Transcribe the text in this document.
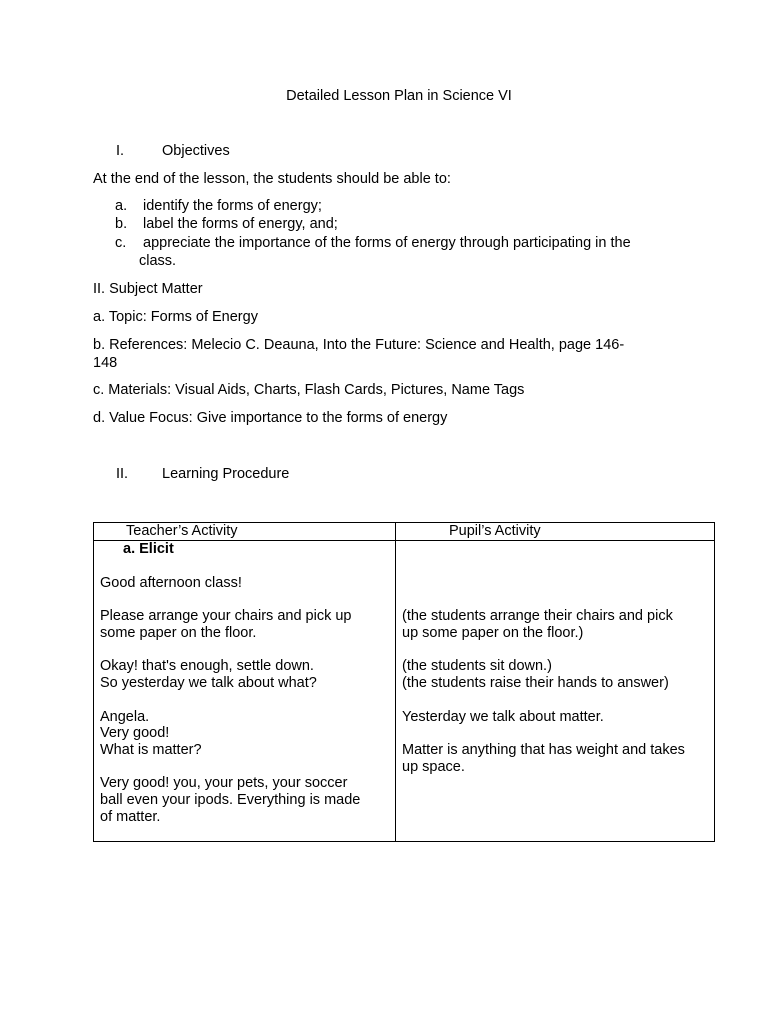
Detailed Lesson Plan in Science VI
I.	Objectives
At the end of the lesson, the students should be able to:
a. identify the forms of energy;
b. label the forms of energy, and;
c. appreciate the importance of the forms of energy through participating in the
class.
II. Subject Matter
a. Topic: Forms of Energy
b. References: Melecio C. Deauna, Into the Future: Science and Health, page 146-
148
c. Materials: Visual Aids, Charts, Flash Cards, Pictures, Name Tags
d. Value Focus: Give importance to the forms of energy
II. Learning Procedure
Teacher’s Activity	Pupil’s Activity
a. Elicit
Good afternoon class!
Please arrange your chairs and pick up
some paper on the floor.
Okay! that's enough, settle down.
So yesterday we talk about what?
Angela.
Very good!
What is matter?
Very good! you, your pets, your soccer
ball even your ipods. Everything is made
of matter.
(the students arrange their chairs and pick
up some paper on the floor.)
(the students sit down.)
(the students raise their hands to answer)
Yesterday we talk about matter.
Matter is anything that has weight and takes
up space.
